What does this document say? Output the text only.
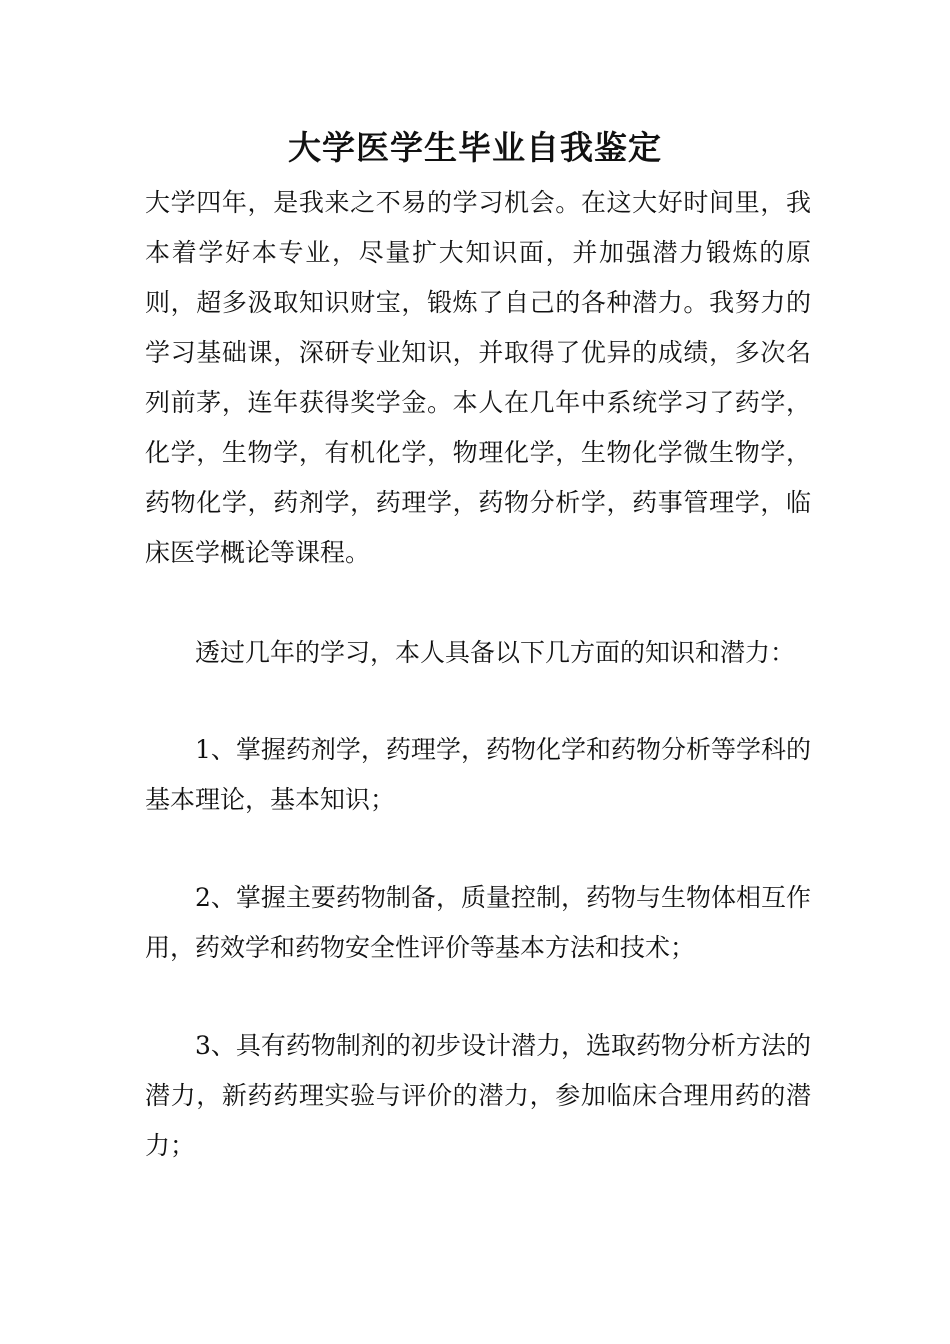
大学医学生毕业自我鉴定
大学四年，是我来之不易的学习机会。在这大好时间里，我本着学好本专业，尽量扩大知识面，并加强潜力锻炼的原则，超多汲取知识财宝，锻炼了自己的各种潜力。我努力的学习基础课，深研专业知识，并取得了优异的成绩，多次名列前茅，连年获得奖学金。本人在几年中系统学习了药学，化学，生物学，有机化学，物理化学，生物化学微生物学，药物化学，药剂学，药理学，药物分析学，药事管理学，临床医学概论等课程。
透过几年的学习，本人具备以下几方面的知识和潜力：
1、掌握药剂学，药理学，药物化学和药物分析等学科的基本理论，基本知识；
2、掌握主要药物制备，质量控制，药物与生物体相互作用，药效学和药物安全性评价等基本方法和技术；
3、具有药物制剂的初步设计潜力，选取药物分析方法的潜力，新药药理实验与评价的潜力，参加临床合理用药的潜力；
